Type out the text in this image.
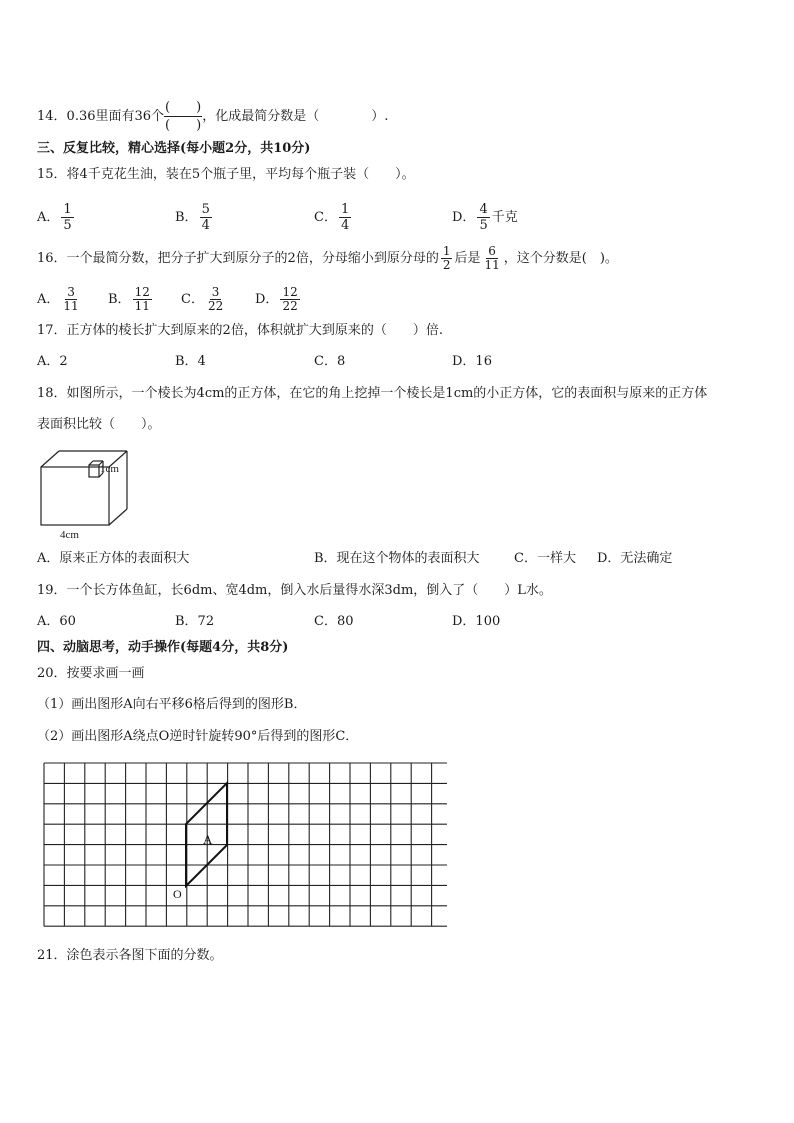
14．0.36里面有36个 $\frac{( )}{( )}$ ，化成最简分数是（　　　　）.
三、反复比较，精心选择(每小题2分，共10分)
15．将4千克花生油，装在5个瓶子里，平均每个瓶子装（　　）。
A． $\frac{1}{5}$	B． $\frac{5}{4}$	C． $\frac{1}{4}$	D． $\frac{4}{5}$ 千克
16．一个最简分数，把分子扩大到原分子的2倍，分母缩小到原分母的 $\frac{1}{2}$ 后是 $\frac{6}{11}$ ，这个分数是(　)。
A． $\frac{3}{11}$ B． $\frac{12}{11}$ C． $\frac{3}{22}$ D． $\frac{12}{22}$
17．正方体的棱长扩大到原来的2倍，体积就扩大到原来的（　　）倍.
A．2	B．4	C．8	D．16
18．如图所示，一个棱长为4cm的正方体，在它的角上挖掉一个棱长是1cm的小正方体，它的表面积与原来的正方体
表面积比较（　　）。
1cm
4cm
A．原来正方体的表面积大	B．现在这个物体的表面积大	C．一样大 D．无法确定
19．一个长方体鱼缸，长6dm、宽4dm，倒入水后量得水深3dm，倒入了（　　）L水。
A．60	B．72	C．80	D．100
四、动脑思考，动手操作(每题4分，共8分)
20．按要求画一画
（1）画出图形A向右平移6格后得到的图形B．
（2）画出图形A绕点O逆时针旋转90°后得到的图形C．
A
O
21．涂色表示各图下面的分数。
